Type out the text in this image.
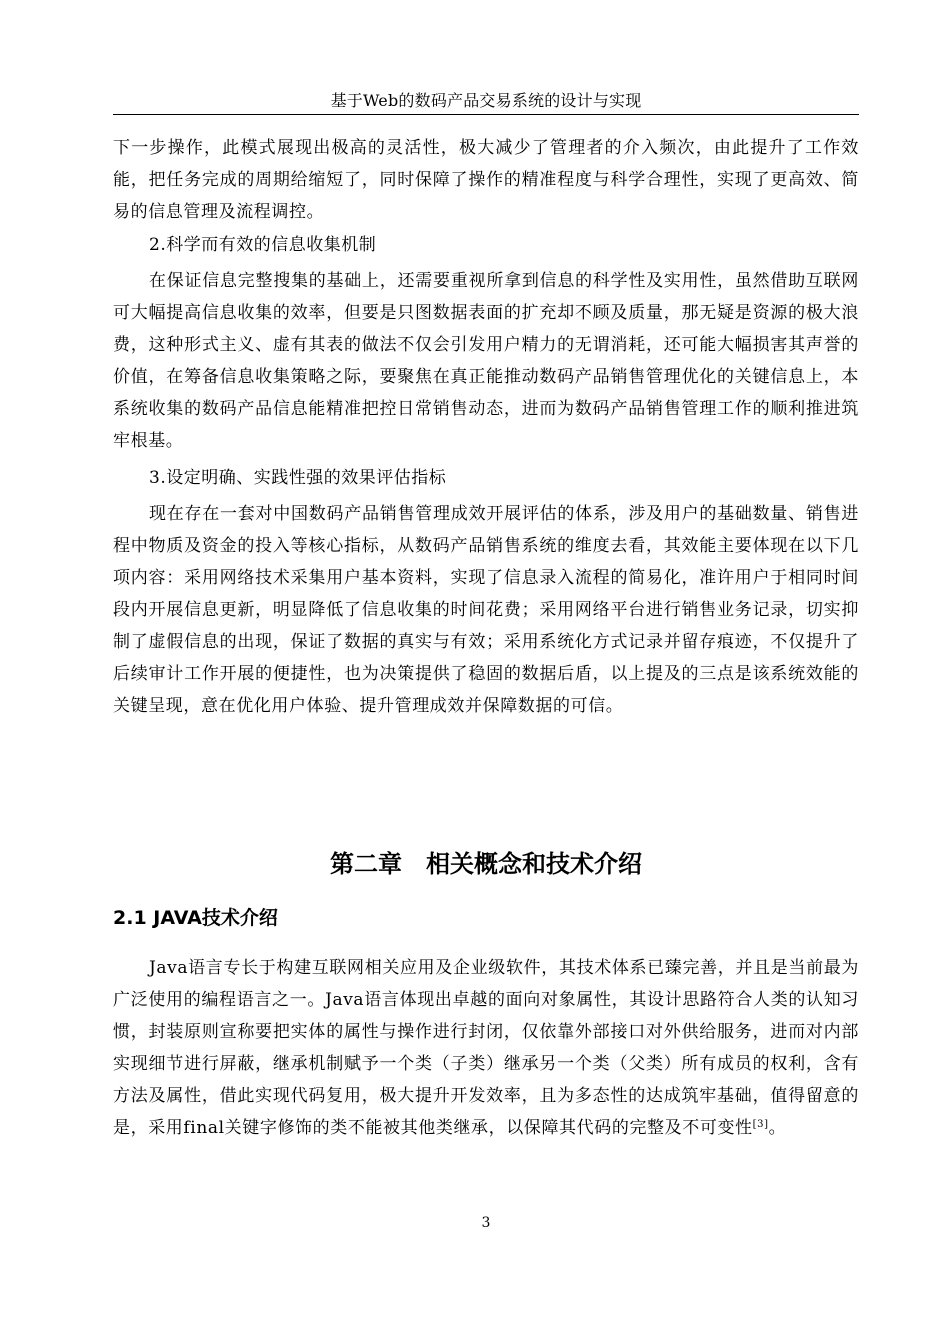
基于Web的数码产品交易系统的设计与实现

下一步操作，此模式展现出极高的灵活性，极大减少了管理者的介入频次，由此提升了工作效能，把任务完成的周期给缩短了，同时保障了操作的精准程度与科学合理性，实现了更高效、简易的信息管理及流程调控。

2.科学而有效的信息收集机制

在保证信息完整搜集的基础上，还需要重视所拿到信息的科学性及实用性，虽然借助互联网可大幅提高信息收集的效率，但要是只图数据表面的扩充却不顾及质量，那无疑是资源的极大浪费，这种形式主义、虚有其表的做法不仅会引发用户精力的无谓消耗，还可能大幅损害其声誉的价值，在筹备信息收集策略之际，要聚焦在真正能推动数码产品销售管理优化的关键信息上，本系统收集的数码产品信息能精准把控日常销售动态，进而为数码产品销售管理工作的顺利推进筑牢根基。

3.设定明确、实践性强的效果评估指标

现在存在一套对中国数码产品销售管理成效开展评估的体系，涉及用户的基础数量、销售进程中物质及资金的投入等核心指标，从数码产品销售系统的维度去看，其效能主要体现在以下几项内容：采用网络技术采集用户基本资料，实现了信息录入流程的简易化，准许用户于相同时间段内开展信息更新，明显降低了信息收集的时间花费；采用网络平台进行销售业务记录，切实抑制了虚假信息的出现，保证了数据的真实与有效；采用系统化方式记录并留存痕迹，不仅提升了后续审计工作开展的便捷性，也为决策提供了稳固的数据后盾，以上提及的三点是该系统效能的关键呈现，意在优化用户体验、提升管理成效并保障数据的可信。

第二章　相关概念和技术介绍
2.1 JAVA技术介绍

Java语言专长于构建互联网相关应用及企业级软件，其技术体系已臻完善，并且是当前最为广泛使用的编程语言之一。Java语言体现出卓越的面向对象属性，其设计思路符合人类的认知习惯，封装原则宣称要把实体的属性与操作进行封闭，仅依靠外部接口对外供给服务，进而对内部实现细节进行屏蔽，继承机制赋予一个类（子类）继承另一个类（父类）所有成员的权利，含有方法及属性，借此实现代码复用，极大提升开发效率，且为多态性的达成筑牢基础，值得留意的是，采用final关键字修饰的类不能被其他类继承，以保障其代码的完整及不可变性[3]。

3
